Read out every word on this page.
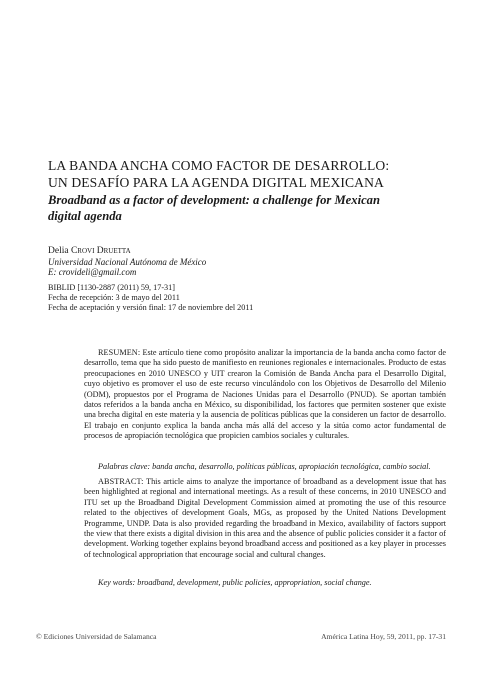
LA BANDA ANCHA COMO FACTOR DE DESARROLLO:
UN DESAFÍO PARA LA AGENDA DIGITAL MEXICANA
Broadband as a factor of development: a challenge for Mexican
digital agenda
Delia Crovi Druetta
Universidad Nacional Autónoma de México
E: crovideli@gmail.com
BIBLID [1130-2887 (2011) 59, 17-31]
Fecha de recepción: 3 de mayo del 2011
Fecha de aceptación y versión final: 17 de noviembre del 2011

RESUMEN: Este artículo tiene como propósito analizar la importancia de la banda ancha como factor de desarrollo, tema que ha sido puesto de manifiesto en reuniones regionales e internacionales. Producto de estas preocupaciones en 2010 UNESCO y UIT crearon la Comisión de Banda Ancha para el Desarrollo Digital, cuyo objetivo es promover el uso de este recurso vinculándolo con los Objetivos de Desarrollo del Milenio (ODM), propuestos por el Programa de Naciones Unidas para el Desarrollo (PNUD). Se aportan también datos referidos a la banda ancha en México, su disponibilidad, los factores que permiten sostener que existe una brecha digital en este materia y la ausencia de políticas públicas que la consideren un factor de desarrollo. El trabajo en conjunto explica la banda ancha más allá del acceso y la sitúa como actor fundamental de procesos de apropiación tecnológica que propicien cambios sociales y culturales.

Palabras clave: banda ancha, desarrollo, políticas públicas, apropiación tecnológica, cambio social.

ABSTRACT: This article aims to analyze the importance of broadband as a development issue that has been highlighted at regional and international meetings. As a result of these concerns, in 2010 UNESCO and ITU set up the Broadband Digital Development Commission aimed at promoting the use of this resource related to the objectives of development Goals, MGs, as proposed by the United Nations Development Programme, UNDP. Data is also provided regarding the broadband in Mexico, availability of factors support the view that there exists a digital division in this area and the absence of public policies consider it a factor of development. Working together explains beyond broadband access and positioned as a key player in processes of technological appropriation that encourage social and cultural changes.

Key words: broadband, development, public policies, appropriation, social change.

© Ediciones Universidad de Salamanca	América Latina Hoy, 59, 2011, pp. 17-31
